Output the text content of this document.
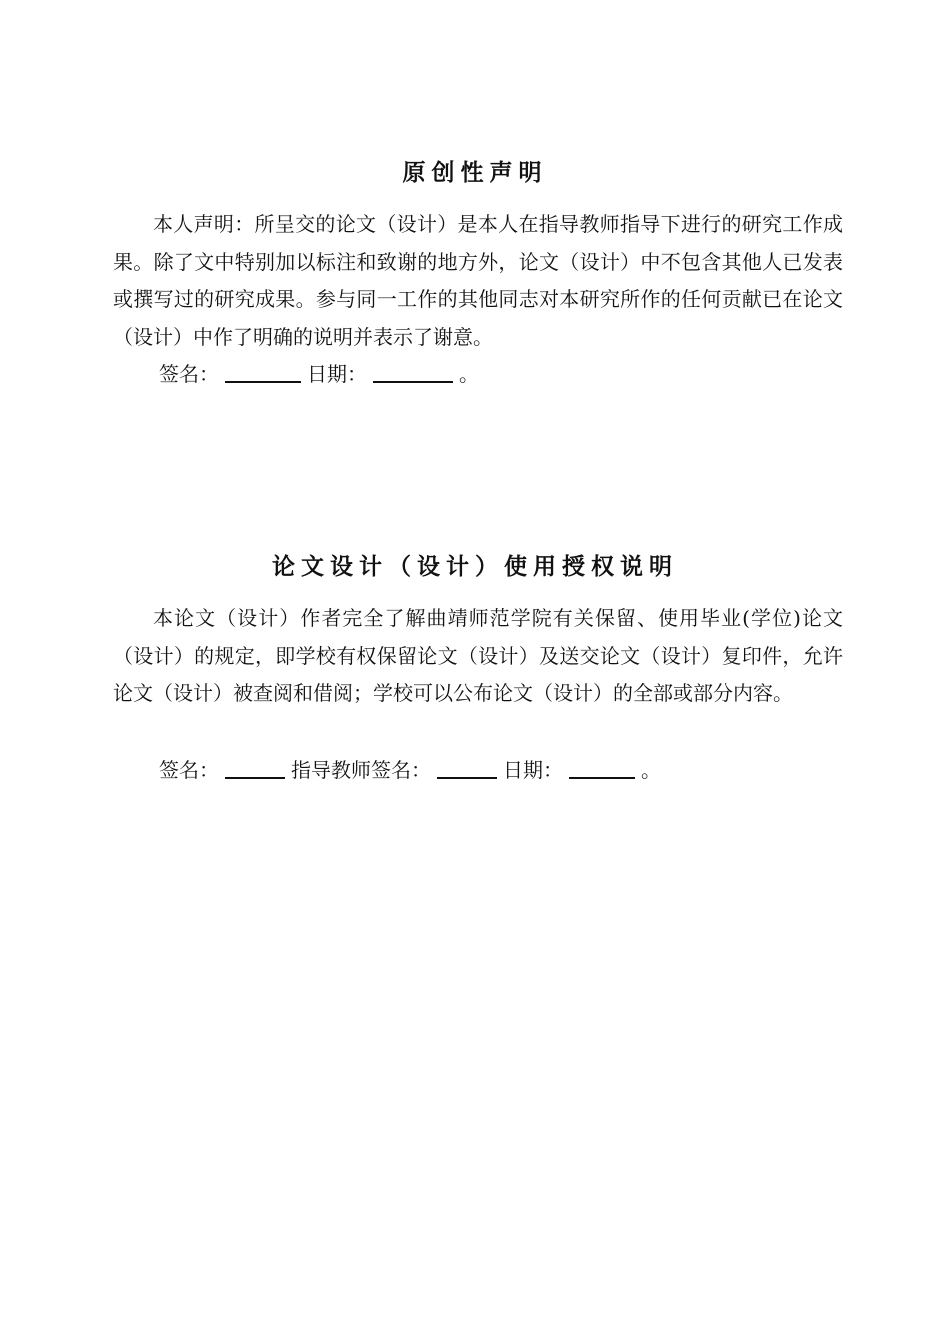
原创性声明

本人声明：所呈交的论文（设计）是本人在指导教师指导下进行的研究工作成果。除了文中特别加以标注和致谢的地方外，论文（设计）中不包含其他人已发表或撰写过的研究成果。参与同一工作的其他同志对本研究所作的任何贡献已在论文（设计）中作了明确的说明并表示了谢意。

签名：	日期：	。
论文设计（设计）使用授权说明

本论文（设计）作者完全了解曲靖师范学院有关保留、使用毕业(学位)论文（设计）的规定，即学校有权保留论文（设计）及送交论文（设计）复印件，允许论文（设计）被查阅和借阅；学校可以公布论文（设计）的全部或部分内容。

签名：	指导教师签名：	日期：	。
